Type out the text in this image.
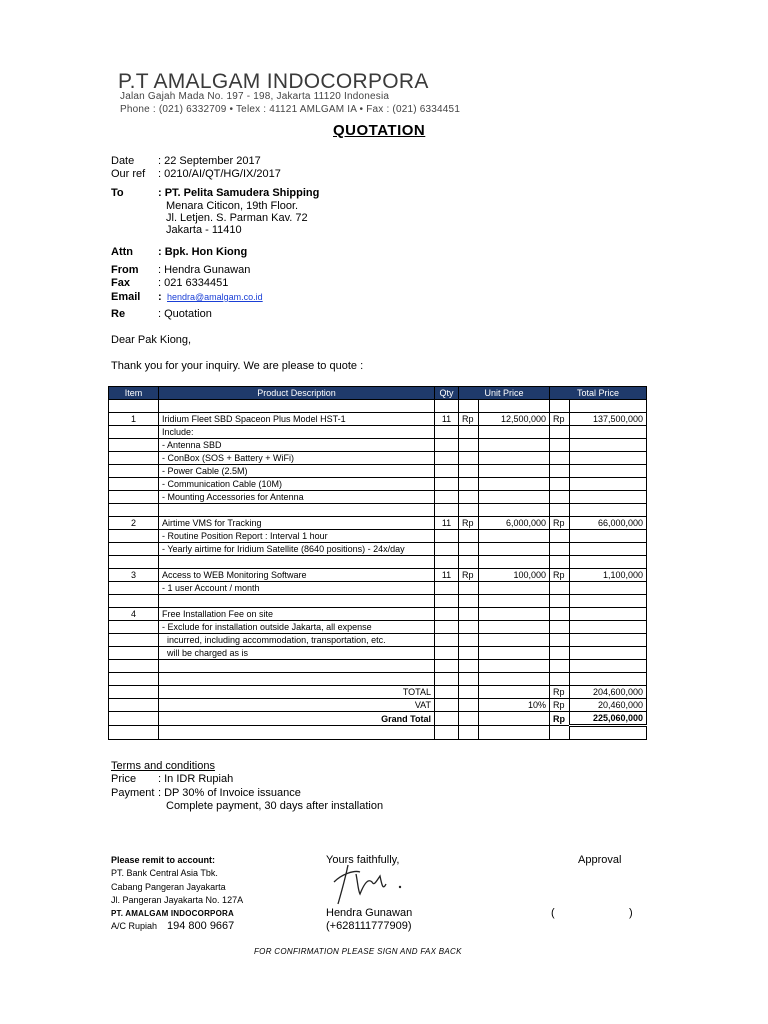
P.T AMALGAM INDOCORPORA
Jalan Gajah Mada No. 197 - 198, Jakarta 11120 Indonesia
Phone : (021) 6332709 • Telex : 41121 AMLGAM IA • Fax : (021) 6334451
QUOTATION
Date : 22 September 2017
Our ref : 0210/AI/QT/HG/IX/2017
To	: PT. Pelita Samudera Shipping
Menara Citicon, 19th Floor.
Jl. Letjen. S. Parman Kav. 72
Jakarta - 11410
Attn : Bpk. Hon Kiong
From : Hendra Gunawan
Fax	: 021 6334451
Email : hendra@amalgam.co.id
Re	: Quotation
Dear Pak Kiong,
Thank you for your inquiry. We are please to quote :
Item	Product Description	Qty	Unit Price		Total Price	

1	Iridium Fleet SBD Spaceon Plus Model HST-1	11	Rp	12,500,000	Rp	137,500,000
	Include:					
	- Antenna SBD					
	- ConBox (SOS + Battery + WiFi)					
	- Power Cable (2.5M)					
	- Communication Cable (10M)					
	- Mounting Accessories for Antenna					

2	Airtime VMS for Tracking	11	Rp	6,000,000	Rp	66,000,000
	- Routine Position Report : Interval 1 hour					
	- Yearly airtime for Iridium Satellite (8640 positions) - 24x/day					

3	Access to WEB Monitoring Software	11	Rp	100,000	Rp	1,100,000
	- 1 user Account / month					

4	Free Installation Fee on site					
	- Exclude for installation outside Jakarta, all expense					
	incurred, including accommodation, transportation, etc.					
	will be charged as is					

	TOTAL				Rp	204,600,000
	VAT			10%	Rp	20,460,000
	Grand Total				Rp	225,060,000

Terms and conditions
Price : In IDR Rupiah
Payment : DP 30% of Invoice issuance
Complete payment, 30 days after installation
Please remit to account:
PT. Bank Central Asia Tbk.
Cabang Pangeran Jayakarta
Jl. Pangeran Jayakarta No. 127A
PT. AMALGAM INDOCORPORA
A/C Rupiah 194 800 9667
Yours faithfully,
Hendra Gunawan
(+628111777909)
Approval
(	)
FOR CONFIRMATION PLEASE SIGN AND FAX BACK
